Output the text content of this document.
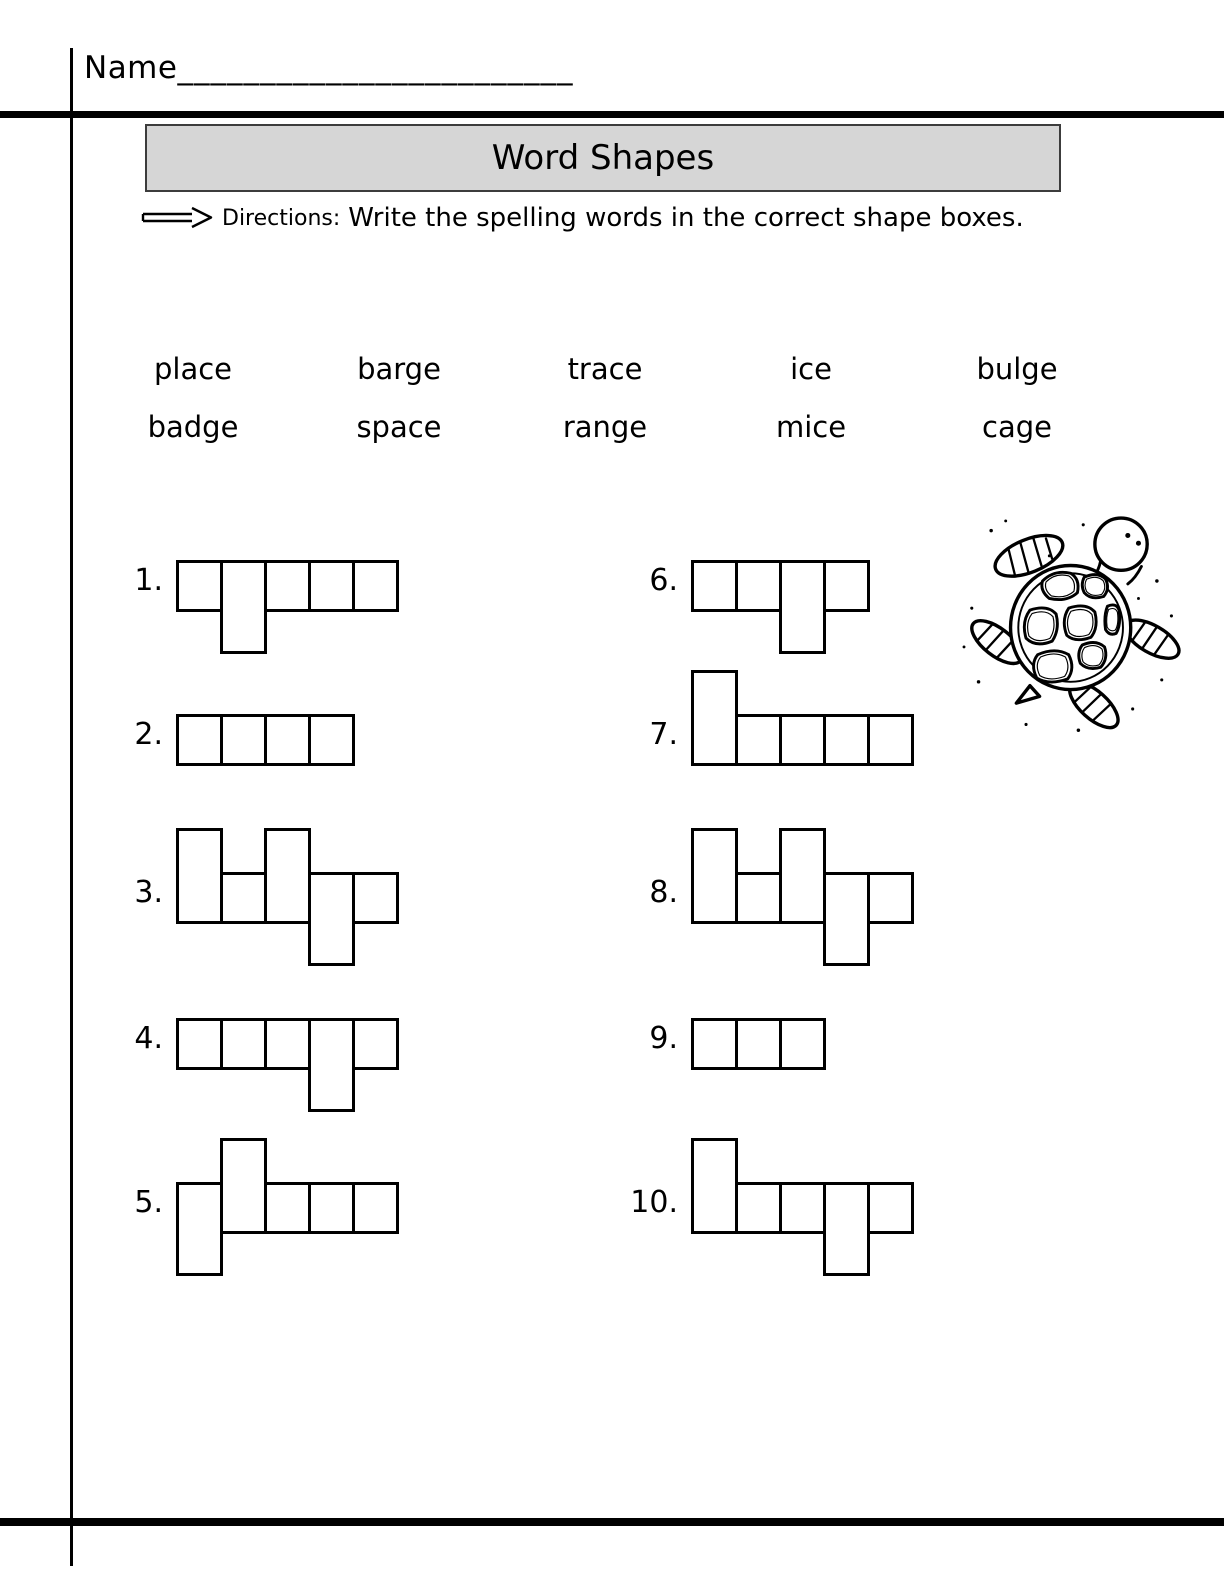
Name________________________
Word Shapes
Directions: Write the spelling words in the correct shape boxes.
place	barge	trace	ice	bulge
badge	space	range	mice	cage
1.
2.
3.
4.
5.
6.
7.
8.
9.
10.
